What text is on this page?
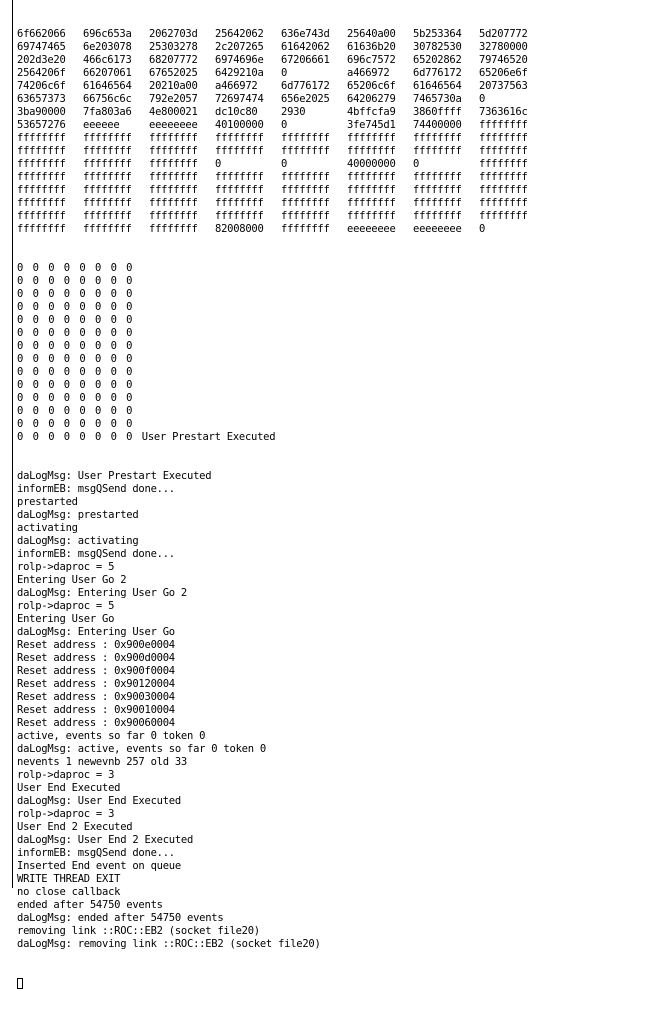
6f662066	696c653a	2062703d	25642062	636e743d	25640a00	5b253364	5d207772
69747465	6e203078	25303278	2c207265	61642062	61636b20	30782530	32780000
202d3e20	466c6173	68207772	6974696e	67206661	696c7572	65202862	79746520
2564206f	66207061	67652025	6429210a	0	a466972	6d776172	65206e6f
74206c6f	61646564	20210a00	a466972	6d776172	65206c6f	61646564	20737563
63657373	66756c6c	792e2057	72697474	656e2025	64206279	7465730a	0
3ba90000	7fa803a6	4e800021	dc10c80	2930	4bffcfa9	3860ffff	7363616c
53657276	eeeeee	eeeeeeee	40100000	0	3fe745d1	74400000	ffffffff
ffffffff	ffffffff	ffffffff	ffffffff	ffffffff	ffffffff	ffffffff	ffffffff
ffffffff	ffffffff	ffffffff	ffffffff	ffffffff	ffffffff	ffffffff	ffffffff
ffffffff	ffffffff	ffffffff	0	0	40000000	0	ffffffff
ffffffff	ffffffff	ffffffff	ffffffff	ffffffff	ffffffff	ffffffff	ffffffff
ffffffff	ffffffff	ffffffff	ffffffff	ffffffff	ffffffff	ffffffff	ffffffff
ffffffff	ffffffff	ffffffff	ffffffff	ffffffff	ffffffff	ffffffff	ffffffff
ffffffff	ffffffff	ffffffff	ffffffff	ffffffff	ffffffff	ffffffff	ffffffff
ffffffff	ffffffff	ffffffff	82008000	ffffffff	eeeeeeee	eeeeeeee	0

0 0 0 0 0 0 0 0
0 0 0 0 0 0 0 0
0 0 0 0 0 0 0 0
0 0 0 0 0 0 0 0
0 0 0 0 0 0 0 0
0 0 0 0 0 0 0 0
0 0 0 0 0 0 0 0
0 0 0 0 0 0 0 0
0 0 0 0 0 0 0 0
0 0 0 0 0 0 0 0
0 0 0 0 0 0 0 0
0 0 0 0 0 0 0 0
0 0 0 0 0 0 0 0
0 0 0 0 0 0 0 0 User Prestart Executed

daLogMsg: User Prestart Executed
informEB: msgQSend done...
prestarted
daLogMsg: prestarted
activating
daLogMsg: activating
informEB: msgQSend done...
rolp->daproc = 5
Entering User Go 2
daLogMsg: Entering User Go 2
rolp->daproc = 5
Entering User Go
daLogMsg: Entering User Go
Reset address : 0x900e0004
Reset address : 0x900d0004
Reset address : 0x900f0004
Reset address : 0x90120004
Reset address : 0x90030004
Reset address : 0x90010004
Reset address : 0x90060004
active, events so far 0 token 0
daLogMsg: active, events so far 0 token 0
nevents 1 newevnb 257 old 33
rolp->daproc = 3
User End Executed
daLogMsg: User End Executed
rolp->daproc = 3
User End 2 Executed
daLogMsg: User End 2 Executed
informEB: msgQSend done...
Inserted End event on queue
WRITE THREAD EXIT
no close callback
ended after 54750 events
daLogMsg: ended after 54750 events
removing link ::ROC::EB2 (socket file20)
daLogMsg: removing link ::ROC::EB2 (socket file20)
